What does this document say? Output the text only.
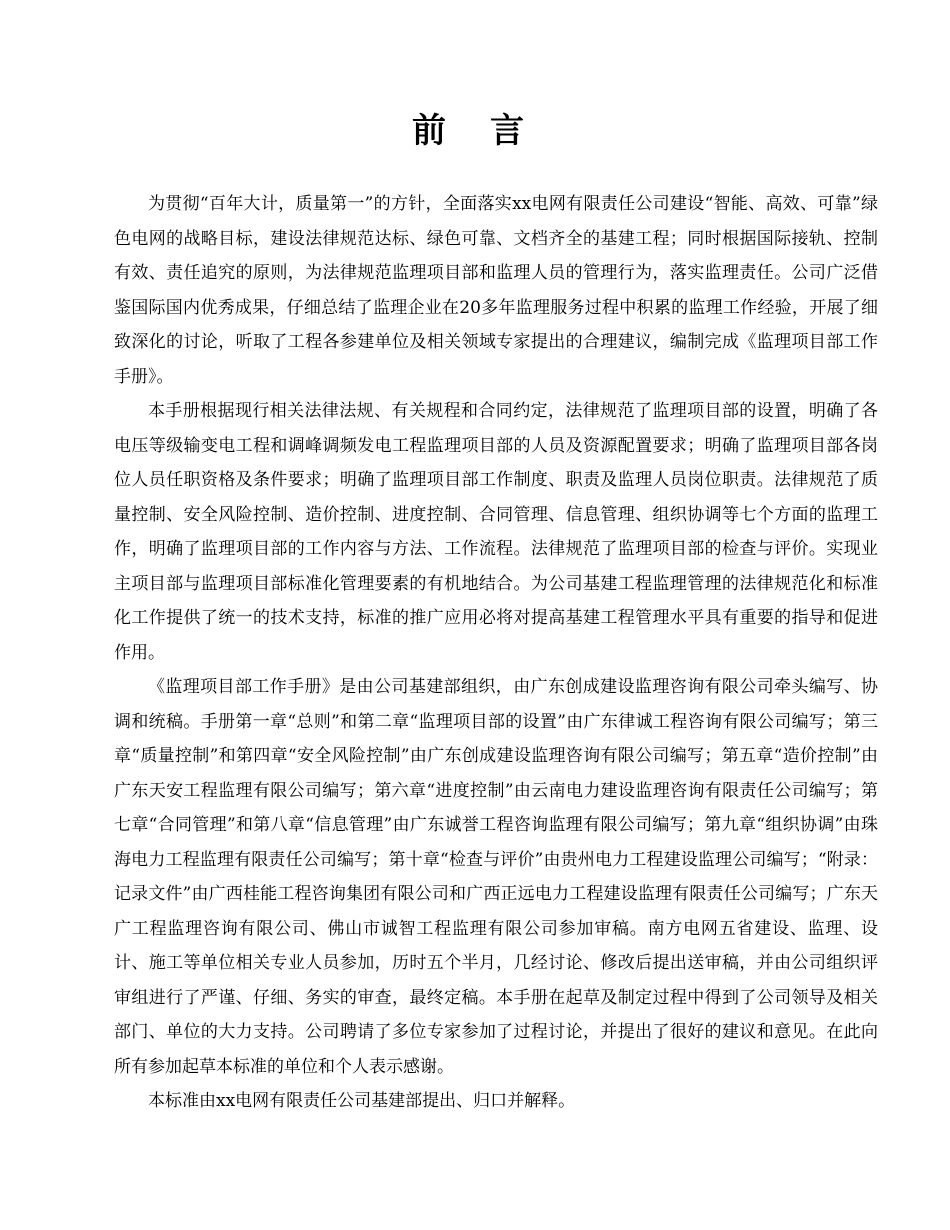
前言

为贯彻“百年大计，质量第一”的方针，全面落实xx电网有限责任公司建设“智能、高效、可靠”绿色电网的战略目标，建设法律规范达标、绿色可靠、文档齐全的基建工程；同时根据国际接轨、控制有效、责任追究的原则，为法律规范监理项目部和监理人员的管理行为，落实监理责任。公司广泛借鉴国际国内优秀成果，仔细总结了监理企业在20多年监理服务过程中积累的监理工作经验，开展了细致深化的讨论，听取了工程各参建单位及相关领域专家提出的合理建议，编制完成《监理项目部工作手册》。

本手册根据现行相关法律法规、有关规程和合同约定，法律规范了监理项目部的设置，明确了各电压等级输变电工程和调峰调频发电工程监理项目部的人员及资源配置要求；明确了监理项目部各岗位人员任职资格及条件要求；明确了监理项目部工作制度、职责及监理人员岗位职责。法律规范了质量控制、安全风险控制、造价控制、进度控制、合同管理、信息管理、组织协调等七个方面的监理工作，明确了监理项目部的工作内容与方法、工作流程。法律规范了监理项目部的检查与评价。实现业主项目部与监理项目部标准化管理要素的有机地结合。为公司基建工程监理管理的法律规范化和标准化工作提供了统一的技术支持，标准的推广应用必将对提高基建工程管理水平具有重要的指导和促进作用。

《监理项目部工作手册》是由公司基建部组织，由广东创成建设监理咨询有限公司牵头编写、协调和统稿。手册第一章“总则”和第二章“监理项目部的设置”由广东律诚工程咨询有限公司编写；第三章“质量控制”和第四章“安全风险控制”由广东创成建设监理咨询有限公司编写；第五章“造价控制”由广东天安工程监理有限公司编写；第六章“进度控制”由云南电力建设监理咨询有限责任公司编写；第七章“合同管理”和第八章“信息管理”由广东诚誉工程咨询监理有限公司编写；第九章“组织协调”由珠海电力工程监理有限责任公司编写；第十章“检查与评价”由贵州电力工程建设监理公司编写；“附录：记录文件”由广西桂能工程咨询集团有限公司和广西正远电力工程建设监理有限责任公司编写；广东天广工程监理咨询有限公司、佛山市诚智工程监理有限公司参加审稿。南方电网五省建设、监理、设计、施工等单位相关专业人员参加，历时五个半月，几经讨论、修改后提出送审稿，并由公司组织评审组进行了严谨、仔细、务实的审查，最终定稿。本手册在起草及制定过程中得到了公司领导及相关部门、单位的大力支持。公司聘请了多位专家参加了过程讨论，并提出了很好的建议和意见。在此向所有参加起草本标准的单位和个人表示感谢。

本标准由xx电网有限责任公司基建部提出、归口并解释。
